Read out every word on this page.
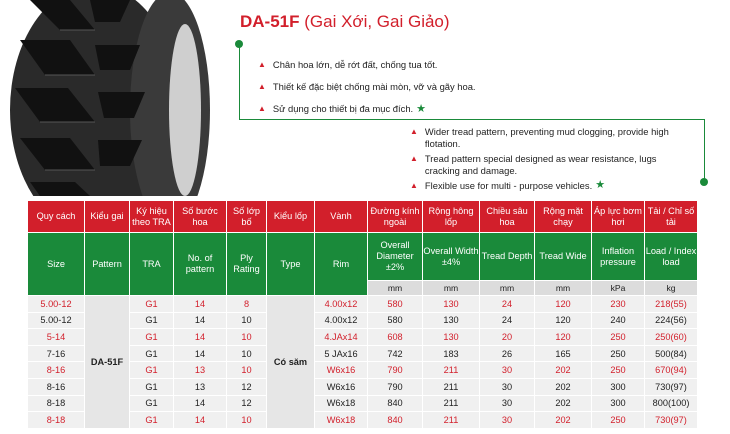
DA-51F (Gai Xới, Gai Giảo)
▲ Chân hoa lớn, dễ rớt đất, chống tua tốt.
▲ Thiết kế đặc biệt chống mài mòn, vỡ và gãy hoa.
▲ Sử dụng cho thiết bị đa mục đích. ★
▲ Wider tread pattern, preventing mud clogging, provide high flotation.
▲ Tread pattern special designed as wear resistance, lugs cracking and damage.
▲ Flexible use for multi - purpose vehicles. ★
Quy cách	Kiểu gai	Ký hiệu theo TRA	Số bước hoa	Số lớp bố	Kiểu lốp	Vành	Đường kính ngoài	Rộng hông lốp	Chiều sâu hoa	Rộng mặt chạy	Áp lực bơm hơi	Tải / Chỉ số tải
Size	Pattern	TRA	No. of pattern	Ply Rating	Type	Rim	Overall Diameter ±2%	Overall Width ±4%	Tread Depth	Tread Wide	Inflation pressure	Load / Index load
							mm	mm	mm	mm	kPa	kg
5.00-12	DA-51F	G1	14	8	Có săm	4.00x12	580	130	24	120	230	218(55)
5.00-12		G1	14	10		4.00x12	580	130	24	120	240	224(56)
5-14		G1	14	10		4.JAx14	608	130	20	120	250	250(60)
7-16		G1	14	10		5 JAx16	742	183	26	165	250	500(84)
8-16		G1	13	10		W6x16	790	211	30	202	250	670(94)
8-16		G1	13	12		W6x16	790	211	30	202	300	730(97)
8-18		G1	14	12		W6x18	840	211	30	202	300	800(100)
8-18		G1	14	10		W6x18	840	211	30	202	250	730(97)
